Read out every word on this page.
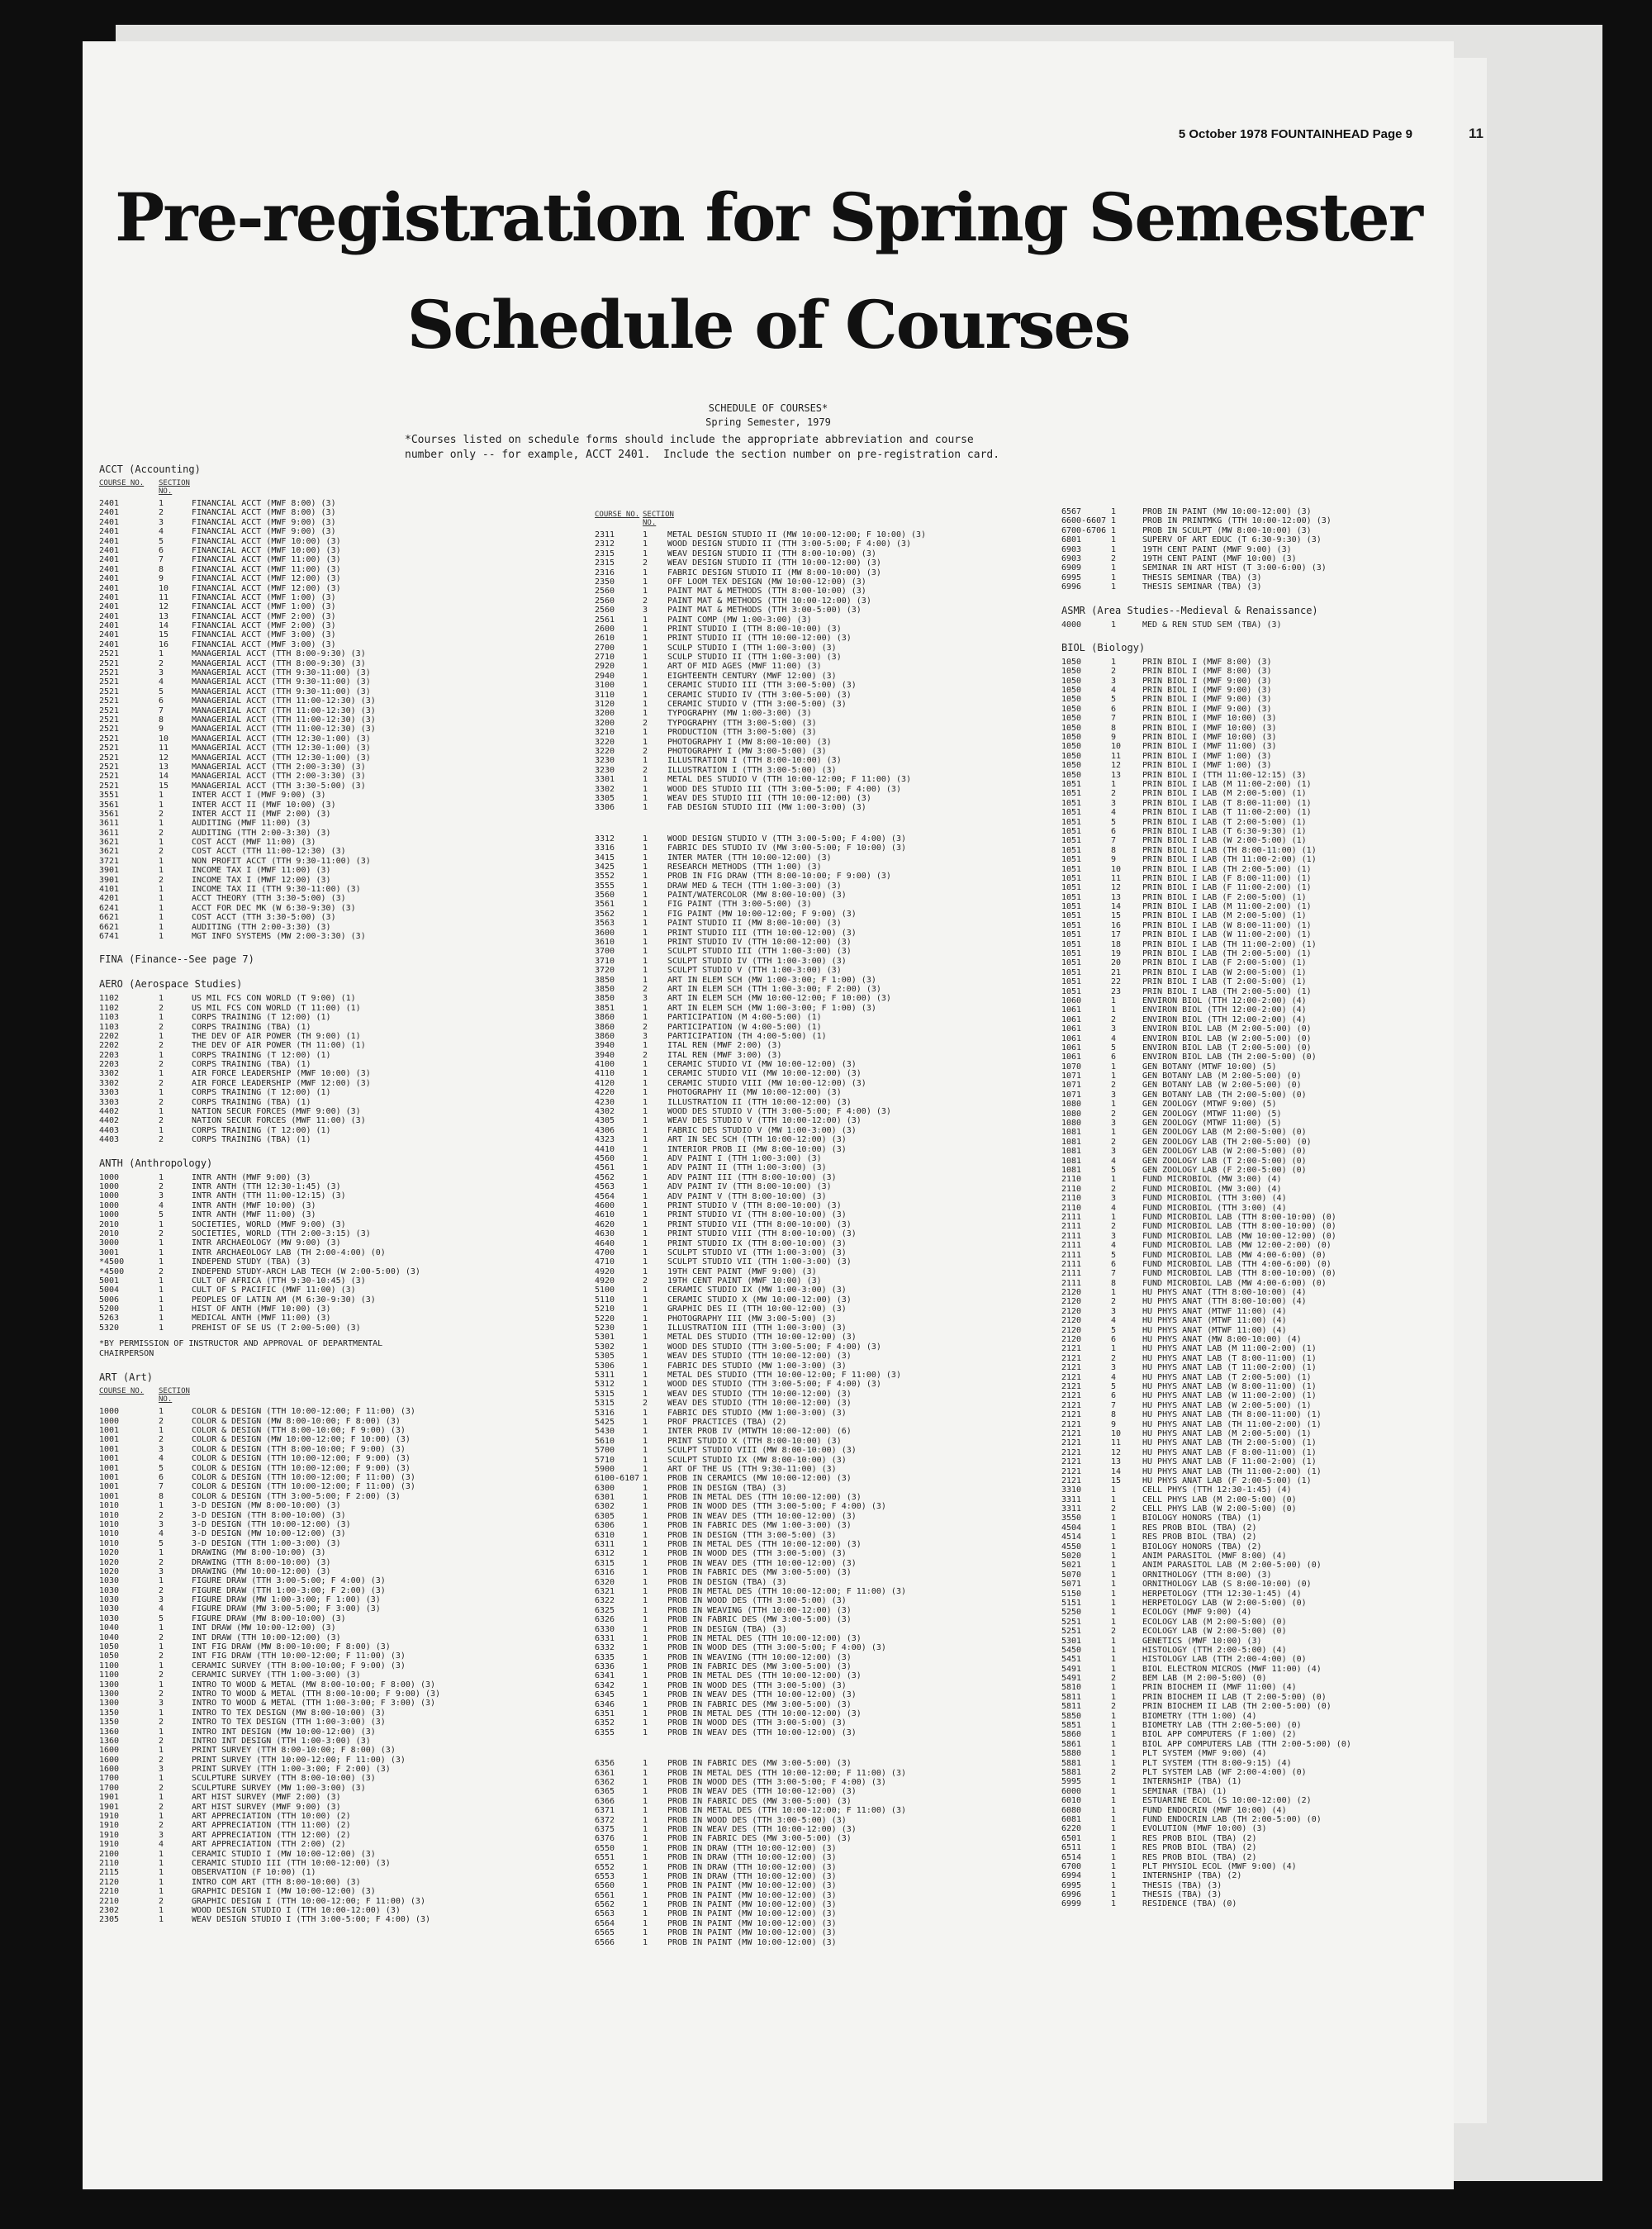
11
5 October 1978 FOUNTAINHEAD Page 9
Pre-registration for Spring Semester
Schedule of Courses
SCHEDULE OF COURSES*
Spring Semester, 1979
*Courses listed on schedule forms should include the appropriate abbreviation and course
number only -- for example, ACCT 2401.  Include the section number on pre-registration card.
ACCT (Accounting)
COURSE NO. SECTION NO.
2401	1	FINANCIAL ACCT (MWF 8:00) (3)
2401	2	FINANCIAL ACCT (MWF 8:00) (3)
2401	3	FINANCIAL ACCT (MWF 9:00) (3)
2401	4	FINANCIAL ACCT (MWF 9:00) (3)
2401	5	FINANCIAL ACCT (MWF 10:00) (3)
2401	6	FINANCIAL ACCT (MWF 10:00) (3)
2401	7	FINANCIAL ACCT (MWF 11:00) (3)
2401	8	FINANCIAL ACCT (MWF 11:00) (3)
2401	9	FINANCIAL ACCT (MWF 12:00) (3)
2401	10	FINANCIAL ACCT (MWF 12:00) (3)
2401	11	FINANCIAL ACCT (MWF 1:00) (3)
2401	12	FINANCIAL ACCT (MWF 1:00) (3)
2401	13	FINANCIAL ACCT (MWF 2:00) (3)
2401	14	FINANCIAL ACCT (MWF 2:00) (3)
2401	15	FINANCIAL ACCT (MWF 3:00) (3)
2401	16	FINANCIAL ACCT (MWF 3:00) (3)
2521	1	MANAGERIAL ACCT (TTH 8:00-9:30) (3)
2521	2	MANAGERIAL ACCT (TTH 8:00-9:30) (3)
2521	3	MANAGERIAL ACCT (TTH 9:30-11:00) (3)
2521	4	MANAGERIAL ACCT (TTH 9:30-11:00) (3)
2521	5	MANAGERIAL ACCT (TTH 9:30-11:00) (3)
2521	6	MANAGERIAL ACCT (TTH 11:00-12:30) (3)
2521	7	MANAGERIAL ACCT (TTH 11:00-12:30) (3)
2521	8	MANAGERIAL ACCT (TTH 11:00-12:30) (3)
2521	9	MANAGERIAL ACCT (TTH 11:00-12:30) (3)
2521	10	MANAGERIAL ACCT (TTH 12:30-1:00) (3)
2521	11	MANAGERIAL ACCT (TTH 12:30-1:00) (3)
2521	12	MANAGERIAL ACCT (TTH 12:30-1:00) (3)
2521	13	MANAGERIAL ACCT (TTH 2:00-3:30) (3)
2521	14	MANAGERIAL ACCT (TTH 2:00-3:30) (3)
2521	15	MANAGERIAL ACCT (TTH 3:30-5:00) (3)
3551	1	INTER ACCT I (MWF 9:00) (3)
3561	1	INTER ACCT II (MWF 10:00) (3)
3561	2	INTER ACCT II (MWF 2:00) (3)
3611	1	AUDITING (MWF 11:00) (3)
3611	2	AUDITING (TTH 2:00-3:30) (3)
3621	1	COST ACCT (MWF 11:00) (3)
3621	2	COST ACCT (TTH 11:00-12:30) (3)
3721	1	NON PROFIT ACCT (TTH 9:30-11:00) (3)
3901	1	INCOME TAX I (MWF 11:00) (3)
3901	2	INCOME TAX I (MWF 12:00) (3)
4101	1	INCOME TAX II (TTH 9:30-11:00) (3)
4201	1	ACCT THEORY (TTH 3:30-5:00) (3)
6241	1	ACCT FOR DEC MK (W 6:30-9:30) (3)
6621	1	COST ACCT (TTH 3:30-5:00) (3)
6621	1	AUDITING (TTH 2:00-3:30) (3)
6741	1	MGT INFO SYSTEMS (MW 2:00-3:30) (3)
FINA (Finance--See page 7)
AERO (Aerospace Studies)
1102	1	US MIL FCS CON WORLD (T 9:00) (1)
1102	2	US MIL FCS CON WORLD (T 11:00) (1)
1103	1	CORPS TRAINING (T 12:00) (1)
1103	2	CORPS TRAINING (TBA) (1)
2202	1	THE DEV OF AIR POWER (TH 9:00) (1)
2202	2	THE DEV OF AIR POWER (TH 11:00) (1)
2203	1	CORPS TRAINING (T 12:00) (1)
2203	2	CORPS TRAINING (TBA) (1)
3302	1	AIR FORCE LEADERSHIP (MWF 10:00) (3)
3302	2	AIR FORCE LEADERSHIP (MWF 12:00) (3)
3303	1	CORPS TRAINING (T 12:00) (1)
3303	2	CORPS TRAINING (TBA) (1)
4402	1	NATION SECUR FORCES (MWF 9:00) (3)
4402	2	NATION SECUR FORCES (MWF 11:00) (3)
4403	1	CORPS TRAINING (T 12:00) (1)
4403	2	CORPS TRAINING (TBA) (1)
ANTH (Anthropology)
1000	1	INTR ANTH (MWF 9:00) (3)
1000	2	INTR ANTH (TTH 12:30-1:45) (3)
1000	3	INTR ANTH (TTH 11:00-12:15) (3)
1000	4	INTR ANTH (MWF 10:00) (3)
1000	5	INTR ANTH (MWF 11:00) (3)
2010	1	SOCIETIES, WORLD (MWF 9:00) (3)
2010	2	SOCIETIES, WORLD (TTH 2:00-3:15) (3)
3000	1	INTR ARCHAEOLOGY (MW 9:00) (3)
3001	1	INTR ARCHAEOLOGY LAB (TH 2:00-4:00) (0)
*4500	1	INDEPEND STUDY (TBA) (3)
*4500	2	INDEPEND STUDY-ARCH LAB TECH (W 2:00-5:00) (3)
5001	1	CULT OF AFRICA (TTH 9:30-10:45) (3)
5004	1	CULT OF S PACIFIC (MWF 11:00) (3)
5006	1	PEOPLES OF LATIN AM (M 6:30-9:30) (3)
5200	1	HIST OF ANTH (MWF 10:00) (3)
5263	1	MEDICAL ANTH (MWF 11:00) (3)
5320	1	PREHIST OF SE US (T 2:00-5:00) (3)
*BY PERMISSION OF INSTRUCTOR AND APPROVAL OF DEPARTMENTAL
CHAIRPERSON
ART (Art)
COURSE NO. SECTION NO.
1000	1	COLOR & DESIGN (TTH 10:00-12:00; F 11:00) (3)
1000	2	COLOR & DESIGN (MW 8:00-10:00; F 8:00) (3)
1001	1	COLOR & DESIGN (TTH 8:00-10:00; F 9:00) (3)
1001	2	COLOR & DESIGN (MW 10:00-12:00; F 10:00) (3)
1001	3	COLOR & DESIGN (TTH 8:00-10:00; F 9:00) (3)
1001	4	COLOR & DESIGN (TTH 10:00-12:00; F 9:00) (3)
1001	5	COLOR & DESIGN (TTH 10:00-12:00; F 9:00) (3)
1001	6	COLOR & DESIGN (TTH 10:00-12:00; F 11:00) (3)
1001	7	COLOR & DESIGN (TTH 10:00-12:00; F 11:00) (3)
1001	8	COLOR & DESIGN (TTH 3:00-5:00; F 2:00) (3)
1010	1	3-D DESIGN (MW 8:00-10:00) (3)
1010	2	3-D DESIGN (TTH 8:00-10:00) (3)
1010	3	3-D DESIGN (TTH 10:00-12:00) (3)
1010	4	3-D DESIGN (MW 10:00-12:00) (3)
1010	5	3-D DESIGN (TTH 1:00-3:00) (3)
1020	1	DRAWING (MW 8:00-10:00) (3)
1020	2	DRAWING (TTH 8:00-10:00) (3)
1020	3	DRAWING (MW 10:00-12:00) (3)
1030	1	FIGURE DRAW (TTH 3:00-5:00; F 4:00) (3)
1030	2	FIGURE DRAW (TTH 1:00-3:00; F 2:00) (3)
1030	3	FIGURE DRAW (MW 1:00-3:00; F 1:00) (3)
1030	4	FIGURE DRAW (MW 3:00-5:00; F 3:00) (3)
1030	5	FIGURE DRAW (MW 8:00-10:00) (3)
1040	1	INT DRAW (MW 10:00-12:00) (3)
1040	2	INT DRAW (TTH 10:00-12:00) (3)
1050	1	INT FIG DRAW (MW 8:00-10:00; F 8:00) (3)
1050	2	INT FIG DRAW (TTH 10:00-12:00; F 11:00) (3)
1100	1	CERAMIC SURVEY (TTH 8:00-10:00; F 9:00) (3)
1100	2	CERAMIC SURVEY (TTH 1:00-3:00) (3)
1300	1	INTRO TO WOOD & METAL (MW 8:00-10:00; F 8:00) (3)
1300	2	INTRO TO WOOD & METAL (TTH 8:00-10:00; F 9:00) (3)
1300	3	INTRO TO WOOD & METAL (TTH 1:00-3:00; F 3:00) (3)
1350	1	INTRO TO TEX DESIGN (MW 8:00-10:00) (3)
1350	2	INTRO TO TEX DESIGN (TTH 1:00-3:00) (3)
1360	1	INTRO INT DESIGN (MW 10:00-12:00) (3)
1360	2	INTRO INT DESIGN (TTH 1:00-3:00) (3)
1600	1	PRINT SURVEY (TTH 8:00-10:00; F 8:00) (3)
1600	2	PRINT SURVEY (TTH 10:00-12:00; F 11:00) (3)
1600	3	PRINT SURVEY (TTH 1:00-3:00; F 2:00) (3)
1700	1	SCULPTURE SURVEY (TTH 8:00-10:00) (3)
1700	2	SCULPTURE SURVEY (MW 1:00-3:00) (3)
1901	1	ART HIST SURVEY (MWF 2:00) (3)
1901	2	ART HIST SURVEY (MWF 9:00) (3)
1910	1	ART APPRECIATION (TTH 10:00) (2)
1910	2	ART APPRECIATION (TTH 11:00) (2)
1910	3	ART APPRECIATION (TTH 12:00) (2)
1910	4	ART APPRECIATION (TTH 2:00) (2)
2100	1	CERAMIC STUDIO I (MW 10:00-12:00) (3)
2110	1	CERAMIC STUDIO III (TTH 10:00-12:00) (3)
2115	1	OBSERVATION (F 10:00) (1)
2120	1	INTRO COM ART (TTH 8:00-10:00) (3)
2210	1	GRAPHIC DESIGN I (MW 10:00-12:00) (3)
2210	2	GRAPHIC DESIGN I (TTH 10:00-12:00; F 11:00) (3)
2302	1	WOOD DESIGN STUDIO I (TTH 10:00-12:00) (3)
2305	1	WEAV DESIGN STUDIO I (TTH 3:00-5:00; F 4:00) (3)
COURSE NO. SECTION NO.
2311	1 METAL DESIGN STUDIO II (MW 10:00-12:00; F 10:00) (3)
2312	1 WOOD DESIGN STUDIO II (TTH 3:00-5:00; F 4:00) (3)
2315	1 WEAV DESIGN STUDIO II (TTH 8:00-10:00) (3)
2315	2 WEAV DESIGN STUDIO II (TTH 10:00-12:00) (3)
2316	1 FABRIC DESIGN STUDIO II (MW 8:00-10:00) (3)
2350	1 OFF LOOM TEX DESIGN (MW 10:00-12:00) (3)
2560	1 PAINT MAT & METHODS (TTH 8:00-10:00) (3)
2560	2 PAINT MAT & METHODS (TTH 10:00-12:00) (3)
2560	3 PAINT MAT & METHODS (TTH 3:00-5:00) (3)
2561	1 PAINT COMP (MW 1:00-3:00) (3)
2600	1 PRINT STUDIO I (TTH 8:00-10:00) (3)
2610	1 PRINT STUDIO II (TTH 10:00-12:00) (3)
2700	1 SCULP STUDIO I (TTH 1:00-3:00) (3)
2710	1 SCULP STUDIO II (TTH 1:00-3:00) (3)
2920	1 ART OF MID AGES (MWF 11:00) (3)
2940	1 EIGHTEENTH CENTURY (MWF 12:00) (3)
3100	1 CERAMIC STUDIO III (TTH 3:00-5:00) (3)
3110	1 CERAMIC STUDIO IV (TTH 3:00-5:00) (3)
3120	1 CERAMIC STUDIO V (TTH 3:00-5:00) (3)
3200	1 TYPOGRAPHY (MW 1:00-3:00) (3)
3200	2 TYPOGRAPHY (TTH 3:00-5:00) (3)
3210	1 PRODUCTION (TTH 3:00-5:00) (3)
3220	1 PHOTOGRAPHY I (MW 8:00-10:00) (3)
3220	2 PHOTOGRAPHY I (MW 3:00-5:00) (3)
3230	1 ILLUSTRATION I (TTH 8:00-10:00) (3)
3230	2 ILLUSTRATION I (TTH 3:00-5:00) (3)
3301	1 METAL DES STUDIO V (TTH 10:00-12:00; F 11:00) (3)
3302	1 WOOD DES STUDIO III (TTH 3:00-5:00; F 4:00) (3)
3305	1 WEAV DES STUDIO III (TTH 10:00-12:00) (3)
3306	1 FAB DESIGN STUDIO III (MW 1:00-3:00) (3)
3312	1 WOOD DESIGN STUDIO V (TTH 3:00-5:00; F 4:00) (3)
3316	1 FABRIC DES STUDIO IV (MW 3:00-5:00; F 10:00) (3)
3415	1 INTER MATER (TTH 10:00-12:00) (3)
3425	1 RESEARCH METHODS (TTH 1:00) (3)
3552	1 PROB IN FIG DRAW (TTH 8:00-10:00; F 9:00) (3)
3555	1 DRAW MED & TECH (TTH 1:00-3:00) (3)
3560	1 PAINT/WATERCOLOR (MW 8:00-10:00) (3)
3561	1 FIG PAINT (TTH 3:00-5:00) (3)
3562	1 FIG PAINT (MW 10:00-12:00; F 9:00) (3)
3563	1 PAINT STUDIO II (MW 8:00-10:00) (3)
3600	1 PRINT STUDIO III (TTH 10:00-12:00) (3)
3610	1 PRINT STUDIO IV (TTH 10:00-12:00) (3)
3700	1 SCULPT STUDIO III (TTH 1:00-3:00) (3)
3710	1 SCULPT STUDIO IV (TTH 1:00-3:00) (3)
3720	1 SCULPT STUDIO V (TTH 1:00-3:00) (3)
3850	1 ART IN ELEM SCH (MW 1:00-3:00; F 1:00) (3)
3850	2 ART IN ELEM SCH (TTH 1:00-3:00; F 2:00) (3)
3850	3 ART IN ELEM SCH (MW 10:00-12:00; F 10:00) (3)
3851	1 ART IN ELEM SCH (MW 1:00-3:00; F 1:00) (3)
3860	1 PARTICIPATION (M 4:00-5:00) (1)
3860	2 PARTICIPATION (W 4:00-5:00) (1)
3860	3 PARTICIPATION (TH 4:00-5:00) (1)
3940	1 ITAL REN (MWF 2:00) (3)
3940	2 ITAL REN (MWF 3:00) (3)
4100	1 CERAMIC STUDIO VI (MW 10:00-12:00) (3)
4110	1 CERAMIC STUDIO VII (MW 10:00-12:00) (3)
4120	1 CERAMIC STUDIO VIII (MW 10:00-12:00) (3)
4220	1 PHOTOGRAPHY II (MW 10:00-12:00) (3)
4230	1 ILLUSTRATION II (TTH 10:00-12:00) (3)
4302	1 WOOD DES STUDIO V (TTH 3:00-5:00; F 4:00) (3)
4305	1 WEAV DES STUDIO V (TTH 10:00-12:00) (3)
4306	1 FABRIC DES STUDIO V (MW 1:00-3:00) (3)
4323	1 ART IN SEC SCH (TTH 10:00-12:00) (3)
4410	1 INTERIOR PROB II (MW 8:00-10:00) (3)
4560	1 ADV PAINT I (TTH 1:00-3:00) (3)
4561	1 ADV PAINT II (TTH 1:00-3:00) (3)
4562	1 ADV PAINT III (TTH 8:00-10:00) (3)
4563	1 ADV PAINT IV (TTH 8:00-10:00) (3)
4564	1 ADV PAINT V (TTH 8:00-10:00) (3)
4600	1 PRINT STUDIO V (TTH 8:00-10:00) (3)
4610	1 PRINT STUDIO VI (TTH 8:00-10:00) (3)
4620	1 PRINT STUDIO VII (TTH 8:00-10:00) (3)
4630	1 PRINT STUDIO VIII (TTH 8:00-10:00) (3)
4640	1 PRINT STUDIO IX (TTH 8:00-10:00) (3)
4700	1 SCULPT STUDIO VI (TTH 1:00-3:00) (3)
4710	1 SCULPT STUDIO VII (TTH 1:00-3:00) (3)
4920	1 19TH CENT PAINT (MWF 9:00) (3)
4920	2 19TH CENT PAINT (MWF 10:00) (3)
5100	1 CERAMIC STUDIO IX (MW 1:00-3:00) (3)
5110	1 CERAMIC STUDIO X (MW 10:00-12:00) (3)
5210	1 GRAPHIC DES II (TTH 10:00-12:00) (3)
5220	1 PHOTOGRAPHY III (MW 3:00-5:00) (3)
5230	1 ILLUSTRATION III (TTH 1:00-3:00) (3)
5301	1 METAL DES STUDIO (TTH 10:00-12:00) (3)
5302	1 WOOD DES STUDIO (TTH 3:00-5:00; F 4:00) (3)
5305	1 WEAV DES STUDIO (TTH 10:00-12:00) (3)
5306	1 FABRIC DES STUDIO (MW 1:00-3:00) (3)
5311	1 METAL DES STUDIO (TTH 10:00-12:00; F 11:00) (3)
5312	1 WOOD DES STUDIO (TTH 3:00-5:00; F 4:00) (3)
5315	1 WEAV DES STUDIO (TTH 10:00-12:00) (3)
5315	2 WEAV DES STUDIO (TTH 10:00-12:00) (3)
5316	1 FABRIC DES STUDIO (MW 1:00-3:00) (3)
5425	1 PROF PRACTICES (TBA) (2)
5430	1 INTER PROB IV (MTWTH 10:00-12:00) (6)
5610	1 PRINT STUDIO X (TTH 8:00-10:00) (3)
5700	1 SCULPT STUDIO VIII (MW 8:00-10:00) (3)
5710	1 SCULPT STUDIO IX (MW 8:00-10:00) (3)
5900	1 ART OF THE US (TTH 9:30-11:00) (3)
6100-6107 1 PROB IN CERAMICS (MW 10:00-12:00) (3)
6300	1 PROB IN DESIGN (TBA) (3)
6301	1 PROB IN METAL DES (TTH 10:00-12:00) (3)
6302	1 PROB IN WOOD DES (TTH 3:00-5:00; F 4:00) (3)
6305	1 PROB IN WEAV DES (TTH 10:00-12:00) (3)
6306	1 PROB IN FABRIC DES (MW 1:00-3:00) (3)
6310	1 PROB IN DESIGN (TTH 3:00-5:00) (3)
6311	1 PROB IN METAL DES (TTH 10:00-12:00) (3)
6312	1 PROB IN WOOD DES (TTH 3:00-5:00) (3)
6315	1 PROB IN WEAV DES (TTH 10:00-12:00) (3)
6316	1 PROB IN FABRIC DES (MW 3:00-5:00) (3)
6320	1 PROB IN DESIGN (TBA) (3)
6321	1 PROB IN METAL DES (TTH 10:00-12:00; F 11:00) (3)
6322	1 PROB IN WOOD DES (TTH 3:00-5:00) (3)
6325	1 PROB IN WEAVING (TTH 10:00-12:00) (3)
6326	1 PROB IN FABRIC DES (MW 3:00-5:00) (3)
6330	1 PROB IN DESIGN (TBA) (3)
6331	1 PROB IN METAL DES (TTH 10:00-12:00) (3)
6332	1 PROB IN WOOD DES (TTH 3:00-5:00; F 4:00) (3)
6335	1 PROB IN WEAVING (TTH 10:00-12:00) (3)
6336	1 PROB IN FABRIC DES (MW 3:00-5:00) (3)
6341	1 PROB IN METAL DES (TTH 10:00-12:00) (3)
6342	1 PROB IN WOOD DES (TTH 3:00-5:00) (3)
6345	1 PROB IN WEAV DES (TTH 10:00-12:00) (3)
6346	1 PROB IN FABRIC DES (MW 3:00-5:00) (3)
6351	1 PROB IN METAL DES (TTH 10:00-12:00) (3)
6352	1 PROB IN WOOD DES (TTH 3:00-5:00) (3)
6355	1 PROB IN WEAV DES (TTH 10:00-12:00) (3)
6356	1 PROB IN FABRIC DES (MW 3:00-5:00) (3)
6361	1 PROB IN METAL DES (TTH 10:00-12:00; F 11:00) (3)
6362	1 PROB IN WOOD DES (TTH 3:00-5:00; F 4:00) (3)
6365	1 PROB IN WEAV DES (TTH 10:00-12:00) (3)
6366	1 PROB IN FABRIC DES (MW 3:00-5:00) (3)
6371	1 PROB IN METAL DES (TTH 10:00-12:00; F 11:00) (3)
6372	1 PROB IN WOOD DES (TTH 3:00-5:00) (3)
6375	1 PROB IN WEAV DES (TTH 10:00-12:00) (3)
6376	1 PROB IN FABRIC DES (MW 3:00-5:00) (3)
6550	1 PROB IN DRAW (TTH 10:00-12:00) (3)
6551	1 PROB IN DRAW (TTH 10:00-12:00) (3)
6552	1 PROB IN DRAW (TTH 10:00-12:00) (3)
6553	1 PROB IN DRAW (TTH 10:00-12:00) (3)
6560	1 PROB IN PAINT (MW 10:00-12:00) (3)
6561	1 PROB IN PAINT (MW 10:00-12:00) (3)
6562	1 PROB IN PAINT (MW 10:00-12:00) (3)
6563	1 PROB IN PAINT (MW 10:00-12:00) (3)
6564	1 PROB IN PAINT (MW 10:00-12:00) (3)
6565	1 PROB IN PAINT (MW 10:00-12:00) (3)
6566	1 PROB IN PAINT (MW 10:00-12:00) (3)
6567	1	PROB IN PAINT (MW 10:00-12:00) (3)
6600-6607 1	PROB IN PRINTMKG (TTH 10:00-12:00) (3)
6700-6706 1	PROB IN SCULPT (MW 8:00-10:00) (3)
6801	1	SUPERV OF ART EDUC (T 6:30-9:30) (3)
6903	1	19TH CENT PAINT (MWF 9:00) (3)
6903	2	19TH CENT PAINT (MWF 10:00) (3)
6909	1	SEMINAR IN ART HIST (T 3:00-6:00) (3)
6995	1	THESIS SEMINAR (TBA) (3)
6996	1	THESIS SEMINAR (TBA) (3)
ASMR (Area Studies--Medieval & Renaissance)
4000	1	MED & REN STUD SEM (TBA) (3)
BIOL (Biology)
1050	1	PRIN BIOL I (MWF 8:00) (3)
1050	2	PRIN BIOL I (MWF 8:00) (3)
1050	3	PRIN BIOL I (MWF 9:00) (3)
1050	4	PRIN BIOL I (MWF 9:00) (3)
1050	5	PRIN BIOL I (MWF 9:00) (3)
1050	6	PRIN BIOL I (MWF 9:00) (3)
1050	7	PRIN BIOL I (MWF 10:00) (3)
1050	8	PRIN BIOL I (MWF 10:00) (3)
1050	9	PRIN BIOL I (MWF 10:00) (3)
1050	10	PRIN BIOL I (MWF 11:00) (3)
1050	11	PRIN BIOL I (MWF 1:00) (3)
1050	12	PRIN BIOL I (MWF 1:00) (3)
1050	13	PRIN BIOL I (TTH 11:00-12:15) (3)
1051	1	PRIN BIOL I LAB (M 11:00-2:00) (1)
1051	2	PRIN BIOL I LAB (M 2:00-5:00) (1)
1051	3	PRIN BIOL I LAB (T 8:00-11:00) (1)
1051	4	PRIN BIOL I LAB (T 11:00-2:00) (1)
1051	5	PRIN BIOL I LAB (T 2:00-5:00) (1)
1051	6	PRIN BIOL I LAB (T 6:30-9:30) (1)
1051	7	PRIN BIOL I LAB (W 2:00-5:00) (1)
1051	8	PRIN BIOL I LAB (TH 8:00-11:00) (1)
1051	9	PRIN BIOL I LAB (TH 11:00-2:00) (1)
1051	10	PRIN BIOL I LAB (TH 2:00-5:00) (1)
1051	11	PRIN BIOL I LAB (F 8:00-11:00) (1)
1051	12	PRIN BIOL I LAB (F 11:00-2:00) (1)
1051	13	PRIN BIOL I LAB (F 2:00-5:00) (1)
1051	14	PRIN BIOL I LAB (M 11:00-2:00) (1)
1051	15	PRIN BIOL I LAB (M 2:00-5:00) (1)
1051	16	PRIN BIOL I LAB (W 8:00-11:00) (1)
1051	17	PRIN BIOL I LAB (W 11:00-2:00) (1)
1051	18	PRIN BIOL I LAB (TH 11:00-2:00) (1)
1051	19	PRIN BIOL I LAB (TH 2:00-5:00) (1)
1051	20	PRIN BIOL I LAB (F 2:00-5:00) (1)
1051	21	PRIN BIOL I LAB (W 2:00-5:00) (1)
1051	22	PRIN BIOL I LAB (T 2:00-5:00) (1)
1051	23	PRIN BIOL I LAB (TH 2:00-5:00) (1)
1060	1	ENVIRON BIOL (TTH 12:00-2:00) (4)
1061	1	ENVIRON BIOL (TTH 12:00-2:00) (4)
1061	2	ENVIRON BIOL (TTH 12:00-2:00) (4)
1061	3	ENVIRON BIOL LAB (M 2:00-5:00) (0)
1061	4	ENVIRON BIOL LAB (W 2:00-5:00) (0)
1061	5	ENVIRON BIOL LAB (T 2:00-5:00) (0)
1061	6	ENVIRON BIOL LAB (TH 2:00-5:00) (0)
1070	1	GEN BOTANY (MTWF 10:00) (5)
1071	1	GEN BOTANY LAB (M 2:00-5:00) (0)
1071	2	GEN BOTANY LAB (W 2:00-5:00) (0)
1071	3	GEN BOTANY LAB (TH 2:00-5:00) (0)
1080	1	GEN ZOOLOGY (MTWF 9:00) (5)
1080	2	GEN ZOOLOGY (MTWF 11:00) (5)
1080	3	GEN ZOOLOGY (MTWF 11:00) (5)
1081	1	GEN ZOOLOGY LAB (M 2:00-5:00) (0)
1081	2	GEN ZOOLOGY LAB (TH 2:00-5:00) (0)
1081	3	GEN ZOOLOGY LAB (W 2:00-5:00) (0)
1081	4	GEN ZOOLOGY LAB (T 2:00-5:00) (0)
1081	5	GEN ZOOLOGY LAB (F 2:00-5:00) (0)
2110	1	FUND MICROBIOL (MW 3:00) (4)
2110	2	FUND MICROBIOL (MW 3:00) (4)
2110	3	FUND MICROBIOL (TTH 3:00) (4)
2110	4	FUND MICROBIOL (TTH 3:00) (4)
2111	1	FUND MICROBIOL LAB (TTH 8:00-10:00) (0)
2111	2	FUND MICROBIOL LAB (TTH 8:00-10:00) (0)
2111	3	FUND MICROBIOL LAB (MW 10:00-12:00) (0)
2111	4	FUND MICROBIOL LAB (MW 12:00-2:00) (0)
2111	5	FUND MICROBIOL LAB (MW 4:00-6:00) (0)
2111	6	FUND MICROBIOL LAB (TTH 4:00-6:00) (0)
2111	7	FUND MICROBIOL LAB (TTH 8:00-10:00) (0)
2111	8	FUND MICROBIOL LAB (MW 4:00-6:00) (0)
2120	1	HU PHYS ANAT (TTH 8:00-10:00) (4)
2120	2	HU PHYS ANAT (TTH 8:00-10:00) (4)
2120	3	HU PHYS ANAT (MTWF 11:00) (4)
2120	4	HU PHYS ANAT (MTWF 11:00) (4)
2120	5	HU PHYS ANAT (MTWF 11:00) (4)
2120	6	HU PHYS ANAT (MW 8:00-10:00) (4)
2121	1	HU PHYS ANAT LAB (M 11:00-2:00) (1)
2121	2	HU PHYS ANAT LAB (T 8:00-11:00) (1)
2121	3	HU PHYS ANAT LAB (T 11:00-2:00) (1)
2121	4	HU PHYS ANAT LAB (T 2:00-5:00) (1)
2121	5	HU PHYS ANAT LAB (W 8:00-11:00) (1)
2121	6	HU PHYS ANAT LAB (W 11:00-2:00) (1)
2121	7	HU PHYS ANAT LAB (W 2:00-5:00) (1)
2121	8	HU PHYS ANAT LAB (TH 8:00-11:00) (1)
2121	9	HU PHYS ANAT LAB (TH 11:00-2:00) (1)
2121	10	HU PHYS ANAT LAB (M 2:00-5:00) (1)
2121	11	HU PHYS ANAT LAB (TH 2:00-5:00) (1)
2121	12	HU PHYS ANAT LAB (F 8:00-11:00) (1)
2121	13	HU PHYS ANAT LAB (F 11:00-2:00) (1)
2121	14	HU PHYS ANAT LAB (TH 11:00-2:00) (1)
2121	15	HU PHYS ANAT LAB (F 2:00-5:00) (1)
3310	1	CELL PHYS (TTH 12:30-1:45) (4)
3311	1	CELL PHYS LAB (M 2:00-5:00) (0)
3311	2	CELL PHYS LAB (W 2:00-5:00) (0)
3550	1	BIOLOGY HONORS (TBA) (1)
4504	1	RES PROB BIOL (TBA) (2)
4514	1	RES PROB BIOL (TBA) (2)
4550	1	BIOLOGY HONORS (TBA) (2)
5020	1	ANIM PARASITOL (MWF 8:00) (4)
5021	1	ANIM PARASITOL LAB (M 2:00-5:00) (0)
5070	1	ORNITHOLOGY (TTH 8:00) (3)
5071	1	ORNITHOLOGY LAB (S 8:00-10:00) (0)
5150	1	HERPETOLOGY (TTH 12:30-1:45) (4)
5151	1	HERPETOLOGY LAB (W 2:00-5:00) (0)
5250	1	ECOLOGY (MWF 9:00) (4)
5251	1	ECOLOGY LAB (M 2:00-5:00) (0)
5251	2	ECOLOGY LAB (W 2:00-5:00) (0)
5301	1	GENETICS (MWF 10:00) (3)
5450	1	HISTOLOGY (TTH 2:00-5:00) (4)
5451	1	HISTOLOGY LAB (TTH 2:00-4:00) (0)
5491	1	BIOL ELECTRON MICROS (MWF 11:00) (4)
5491	2	BEM LAB (M 2:00-5:00) (0)
5810	1	PRIN BIOCHEM II (MWF 11:00) (4)
5811	1	PRIN BIOCHEM II LAB (T 2:00-5:00) (0)
5811	2	PRIN BIOCHEM II LAB (TH 2:00-5:00) (0)
5850	1	BIOMETRY (TTH 1:00) (4)
5851	1	BIOMETRY LAB (TTH 2:00-5:00) (0)
5860	1	BIOL APP COMPUTERS (F 1:00) (2)
5861	1	BIOL APP COMPUTERS LAB (TTH 2:00-5:00) (0)
5880	1	PLT SYSTEM (MWF 9:00) (4)
5881	1	PLT SYSTEM (TTH 8:00-9:15) (4)
5881	2	PLT SYSTEM LAB (WF 2:00-4:00) (0)
5995	1	INTERNSHIP (TBA) (1)
6000	1	SEMINAR (TBA) (1)
6010	1	ESTUARINE ECOL (S 10:00-12:00) (2)
6080	1	FUND ENDOCRIN (MWF 10:00) (4)
6081	1	FUND ENDOCRIN LAB (TH 2:00-5:00) (0)
6220	1	EVOLUTION (MWF 10:00) (3)
6501	1	RES PROB BIOL (TBA) (2)
6511	1	RES PROB BIOL (TBA) (2)
6514	1	RES PROB BIOL (TBA) (2)
6700	1	PLT PHYSIOL ECOL (MWF 9:00) (4)
6994	1	INTERNSHIP (TBA) (2)
6995	1	THESIS (TBA) (3)
6996	1	THESIS (TBA) (3)
6999	1	RESIDENCE (TBA) (0)
